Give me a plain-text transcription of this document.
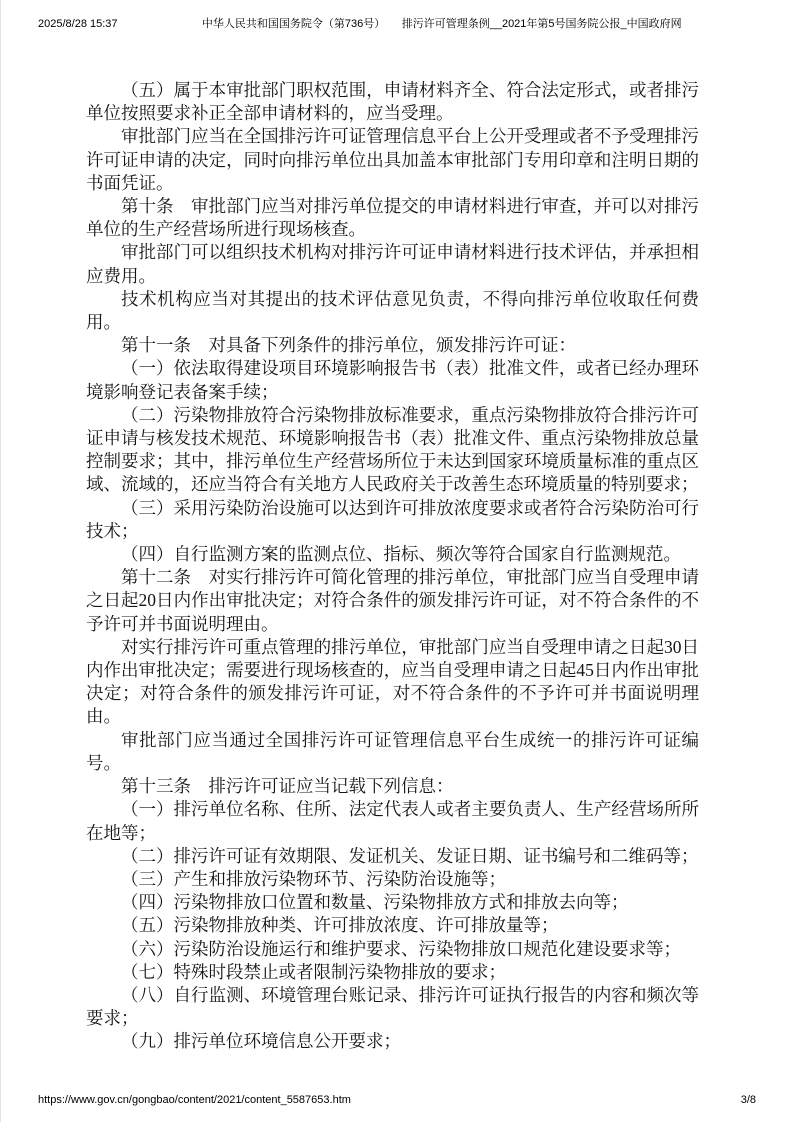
2025/8/28 15:37	中华人民共和国国务院令（第736号）　　排污许可管理条例__2021年第5号国务院公报_中国政府网

（五）属于本审批部门职权范围，申请材料齐全、符合法定形式，或者排污单位按照要求补正全部申请材料的，应当受理。

审批部门应当在全国排污许可证管理信息平台上公开受理或者不予受理排污许可证申请的决定，同时向排污单位出具加盖本审批部门专用印章和注明日期的书面凭证。

第十条　审批部门应当对排污单位提交的申请材料进行审查，并可以对排污单位的生产经营场所进行现场核查。

审批部门可以组织技术机构对排污许可证申请材料进行技术评估，并承担相应费用。

技术机构应当对其提出的技术评估意见负责，不得向排污单位收取任何费用。

第十一条　对具备下列条件的排污单位，颁发排污许可证：

（一）依法取得建设项目环境影响报告书（表）批准文件，或者已经办理环境影响登记表备案手续；

（二）污染物排放符合污染物排放标准要求，重点污染物排放符合排污许可证申请与核发技术规范、环境影响报告书（表）批准文件、重点污染物排放总量控制要求；其中，排污单位生产经营场所位于未达到国家环境质量标准的重点区域、流域的，还应当符合有关地方人民政府关于改善生态环境质量的特别要求；

（三）采用污染防治设施可以达到许可排放浓度要求或者符合污染防治可行技术；

（四）自行监测方案的监测点位、指标、频次等符合国家自行监测规范。

第十二条　对实行排污许可简化管理的排污单位，审批部门应当自受理申请之日起20日内作出审批决定；对符合条件的颁发排污许可证，对不符合条件的不予许可并书面说明理由。

对实行排污许可重点管理的排污单位，审批部门应当自受理申请之日起30日内作出审批决定；需要进行现场核查的，应当自受理申请之日起45日内作出审批决定；对符合条件的颁发排污许可证，对不符合条件的不予许可并书面说明理由。

审批部门应当通过全国排污许可证管理信息平台生成统一的排污许可证编号。

第十三条　排污许可证应当记载下列信息：

（一）排污单位名称、住所、法定代表人或者主要负责人、生产经营场所所在地等；

（二）排污许可证有效期限、发证机关、发证日期、证书编号和二维码等；

（三）产生和排放污染物环节、污染防治设施等；

（四）污染物排放口位置和数量、污染物排放方式和排放去向等；

（五）污染物排放种类、许可排放浓度、许可排放量等；

（六）污染防治设施运行和维护要求、污染物排放口规范化建设要求等；

（七）特殊时段禁止或者限制污染物排放的要求；

（八）自行监测、环境管理台账记录、排污许可证执行报告的内容和频次等要求；

（九）排污单位环境信息公开要求；

https://www.gov.cn/gongbao/content/2021/content_5587653.htm	3/8
